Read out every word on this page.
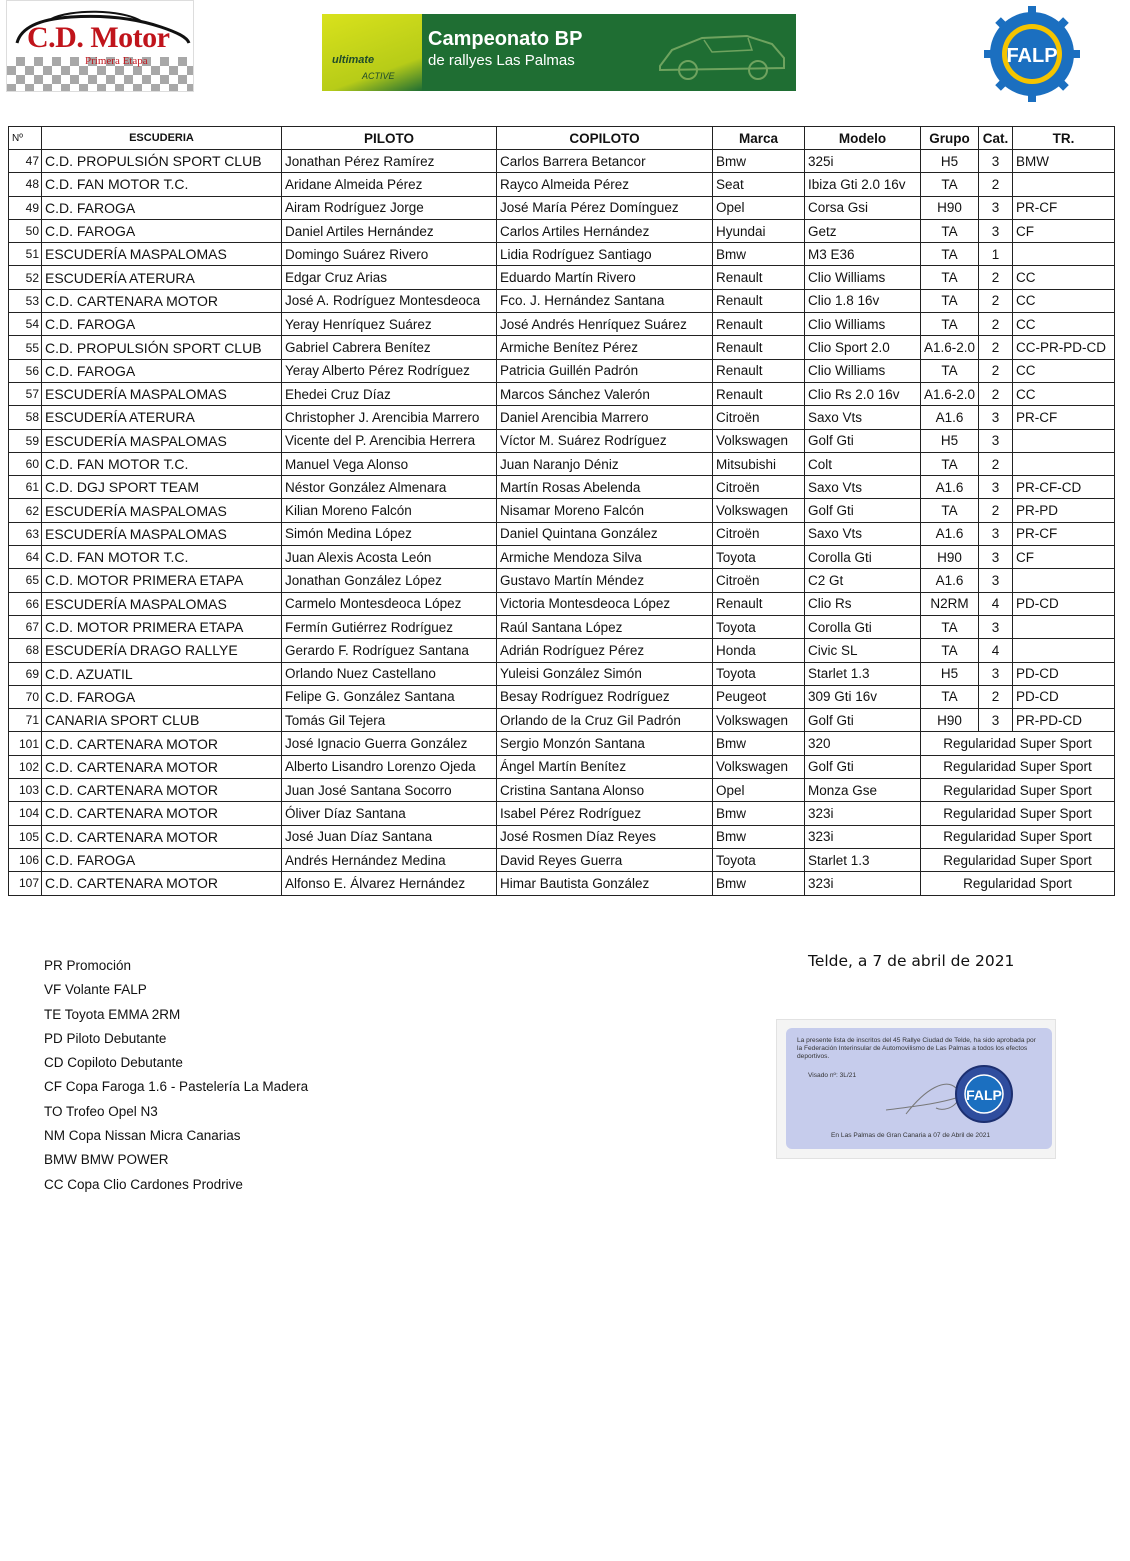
C.D. Motor
Primera Etapa	ultimate
ACTIVE
Campeonato BP
de rallyes Las Palmas	FALP
Nº	ESCUDERIA	PILOTO	COPILOTO	Marca	Modelo	Grupo	Cat.	TR.
47	C.D. PROPULSIÓN SPORT CLUB	Jonathan Pérez Ramírez	Carlos Barrera Betancor	Bmw	325i	H5	3	BMW
48	C.D. FAN MOTOR T.C.	Aridane Almeida Pérez	Rayco Almeida Pérez	Seat	Ibiza Gti 2.0 16v	TA	2	
49	C.D. FAROGA	Airam Rodríguez Jorge	José María Pérez Domínguez	Opel	Corsa Gsi	H90	3	PR-CF
50	C.D. FAROGA	Daniel Artiles Hernández	Carlos Artiles Hernández	Hyundai	Getz	TA	3	CF
51	ESCUDERÍA MASPALOMAS	Domingo Suárez Rivero	Lidia Rodríguez Santiago	Bmw	M3 E36	TA	1	
52	ESCUDERÍA ATERURA	Edgar Cruz Arias	Eduardo Martín Rivero	Renault	Clio Williams	TA	2	CC
53	C.D. CARTENARA MOTOR	José A. Rodríguez Montesdeoca	Fco. J. Hernández Santana	Renault	Clio 1.8 16v	TA	2	CC
54	C.D. FAROGA	Yeray Henríquez Suárez	José Andrés Henríquez Suárez	Renault	Clio Williams	TA	2	CC
55	C.D. PROPULSIÓN SPORT CLUB	Gabriel Cabrera Benítez	Armiche Benítez Pérez	Renault	Clio Sport 2.0	A1.6-2.0	2	CC-PR-PD-CD
56	C.D. FAROGA	Yeray Alberto Pérez Rodríguez	Patricia Guillén Padrón	Renault	Clio Williams	TA	2	CC
57	ESCUDERÍA MASPALOMAS	Ehedei Cruz Díaz	Marcos Sánchez Valerón	Renault	Clio Rs 2.0 16v	A1.6-2.0	2	CC
58	ESCUDERÍA ATERURA	Christopher J. Arencibia Marrero	Daniel Arencibia Marrero	Citroën	Saxo Vts	A1.6	3	PR-CF
59	ESCUDERÍA MASPALOMAS	Vicente del P. Arencibia Herrera	Víctor M. Suárez Rodríguez	Volkswagen	Golf Gti	H5	3	
60	C.D. FAN MOTOR T.C.	Manuel Vega Alonso	Juan Naranjo Déniz	Mitsubishi	Colt	TA	2	
61	C.D. DGJ SPORT TEAM	Néstor González Almenara	Martín Rosas Abelenda	Citroën	Saxo Vts	A1.6	3	PR-CF-CD
62	ESCUDERÍA MASPALOMAS	Kilian Moreno Falcón	Nisamar Moreno Falcón	Volkswagen	Golf Gti	TA	2	PR-PD
63	ESCUDERÍA MASPALOMAS	Simón Medina López	Daniel Quintana González	Citroën	Saxo Vts	A1.6	3	PR-CF
64	C.D. FAN MOTOR T.C.	Juan Alexis Acosta León	Armiche Mendoza Silva	Toyota	Corolla Gti	H90	3	CF
65	C.D. MOTOR PRIMERA ETAPA	Jonathan González López	Gustavo Martín Méndez	Citroën	C2 Gt	A1.6	3	
66	ESCUDERÍA MASPALOMAS	Carmelo Montesdeoca López	Victoria Montesdeoca López	Renault	Clio Rs	N2RM	4	PD-CD
67	C.D. MOTOR PRIMERA ETAPA	Fermín Gutiérrez Rodríguez	Raúl Santana López	Toyota	Corolla Gti	TA	3	
68	ESCUDERÍA DRAGO RALLYE	Gerardo F. Rodríguez Santana	Adrián Rodríguez Pérez	Honda	Civic SL	TA	4	
69	C.D. AZUATIL	Orlando Nuez Castellano	Yuleisi González Simón	Toyota	Starlet 1.3	H5	3	PD-CD
70	C.D. FAROGA	Felipe G. González Santana	Besay Rodríguez Rodríguez	Peugeot	309 Gti 16v	TA	2	PD-CD
71	CANARIA SPORT CLUB	Tomás Gil Tejera	Orlando de la Cruz Gil Padrón	Volkswagen	Golf Gti	H90	3	PR-PD-CD
101	C.D. CARTENARA MOTOR	José Ignacio Guerra González	Sergio Monzón Santana	Bmw	320	Regularidad Super Sport		
102	C.D. CARTENARA MOTOR	Alberto Lisandro Lorenzo Ojeda	Ángel Martín Benítez	Volkswagen	Golf Gti	Regularidad Super Sport		
103	C.D. CARTENARA MOTOR	Juan José Santana Socorro	Cristina Santana Alonso	Opel	Monza Gse	Regularidad Super Sport		
104	C.D. CARTENARA MOTOR	Óliver Díaz Santana	Isabel Pérez Rodríguez	Bmw	323i	Regularidad Super Sport		
105	C.D. CARTENARA MOTOR	José Juan Díaz Santana	José Rosmen Díaz Reyes	Bmw	323i	Regularidad Super Sport		
106	C.D. FAROGA	Andrés Hernández Medina	David Reyes Guerra	Toyota	Starlet 1.3	Regularidad Super Sport		
107	C.D. CARTENARA MOTOR	Alfonso E. Álvarez Hernández	Himar Bautista González	Bmw	323i	Regularidad Sport		
PR Promoción
VF Volante FALP
TE Toyota EMMA 2RM
PD Piloto Debutante
CD Copiloto Debutante
CF Copa Faroga 1.6 - Pastelería La Madera
TO Trofeo Opel N3
NM Copa Nissan Micra Canarias
BMW BMW POWER
CC Copa Clio Cardones Prodrive
Telde, a 7 de abril de 2021
La presente lista de inscritos del 45 Rallye Ciudad de Telde, ha sido aprobada por la Federación Interinsular de Automovilismo de Las Palmas a todos los efectos deportivos.
Visado nº: 3L/21
FALP
En Las Palmas de Gran Canaria a 07 de Abril de 2021
